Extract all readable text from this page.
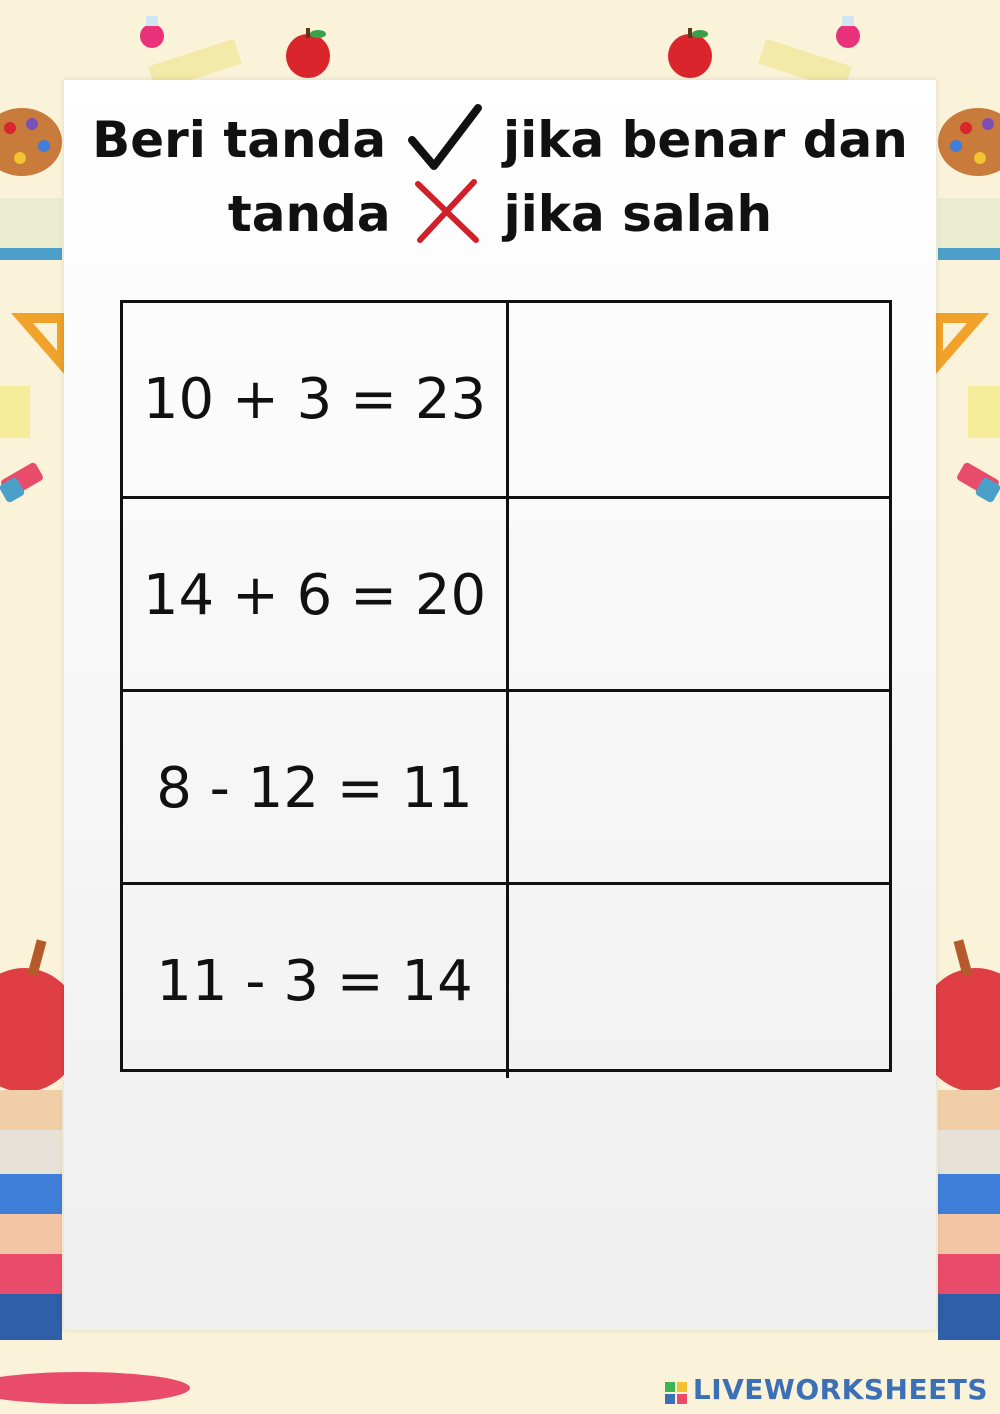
Beri tanda jika benar dan
tanda jika salah
10 + 3 = 23
14 + 6 = 20
8 - 12 = 11
11 - 3 = 14
LIVEWORKSHEETS
